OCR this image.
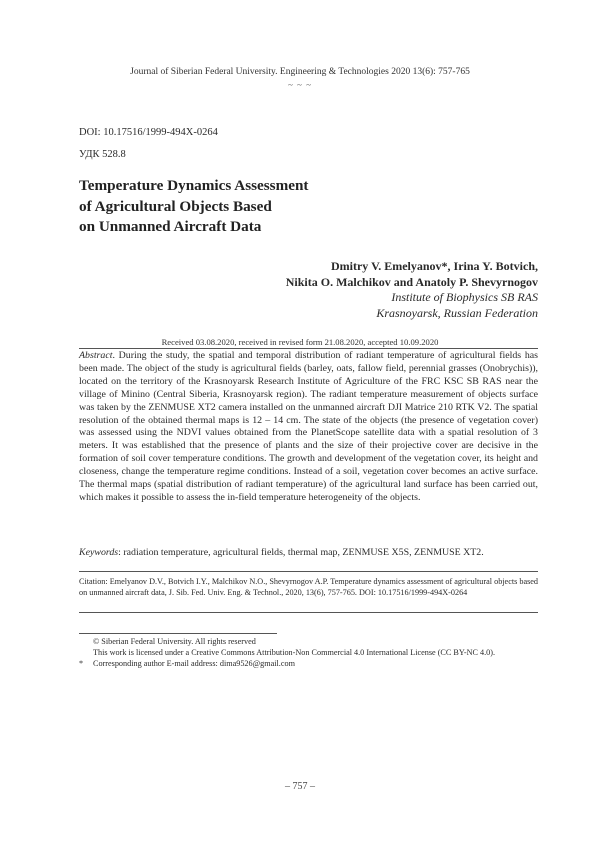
Journal of Siberian Federal University. Engineering & Technologies 2020 13(6): 757-765
~ ~ ~
DOI: 10.17516/1999-494X-0264
УДК 528.8
Temperature Dynamics Assessment
of Agricultural Objects Based
on Unmanned Aircraft Data
Dmitry V. Emelyanov*, Irina Y. Botvich,
Nikita O. Malchikov and Anatoly P. Shevyrnogov
Institute of Biophysics SB RAS
Krasnoyarsk, Russian Federation
Received 03.08.2020, received in revised form 21.08.2020, accepted 10.09.2020
Abstract. During the study, the spatial and temporal distribution of radiant temperature of agricultural fields has been made. The object of the study is agricultural fields (barley, oats, fallow field, perennial grasses (Onobrychis)), located on the territory of the Krasnoyarsk Research Institute of Agriculture of the FRC KSC SB RAS near the village of Minino (Central Siberia, Krasnoyarsk region). The radiant temperature measurement of objects surface was taken by the ZENMUSE XT2 camera installed on the unmanned aircraft DJI Matrice 210 RTK V2. The spatial resolution of the obtained thermal maps is 12 – 14 cm. The state of the objects (the presence of vegetation cover) was assessed using the NDVI values obtained from the PlanetScope satellite data with a spatial resolution of 3 meters. It was established that the presence of plants and the size of their projective cover are decisive in the formation of soil cover temperature conditions. The growth and development of the vegetation cover, its height and closeness, change the temperature regime conditions. Instead of a soil, vegetation cover becomes an active surface. The thermal maps (spatial distribution of radiant temperature) of the agricultural land surface has been carried out, which makes it possible to assess the in-field temperature heterogeneity of the objects.
Keywords: radiation temperature, agricultural fields, thermal map, ZENMUSE X5S, ZENMUSE XT2.
Citation: Emelyanov D.V., Botvich I.Y., Malchikov N.O., Shevyrnogov A.P. Temperature dynamics assessment of agricultural objects based on unmanned aircraft data, J. Sib. Fed. Univ. Eng. & Technol., 2020, 13(6), 757-765. DOI: 10.17516/1999-494X-0264
© Siberian Federal University. All rights reserved
This work is licensed under a Creative Commons Attribution-Non Commercial 4.0 International License (CC BY-NC 4.0).
* Corresponding author E-mail address: dima9526@gmail.com
– 757 –
